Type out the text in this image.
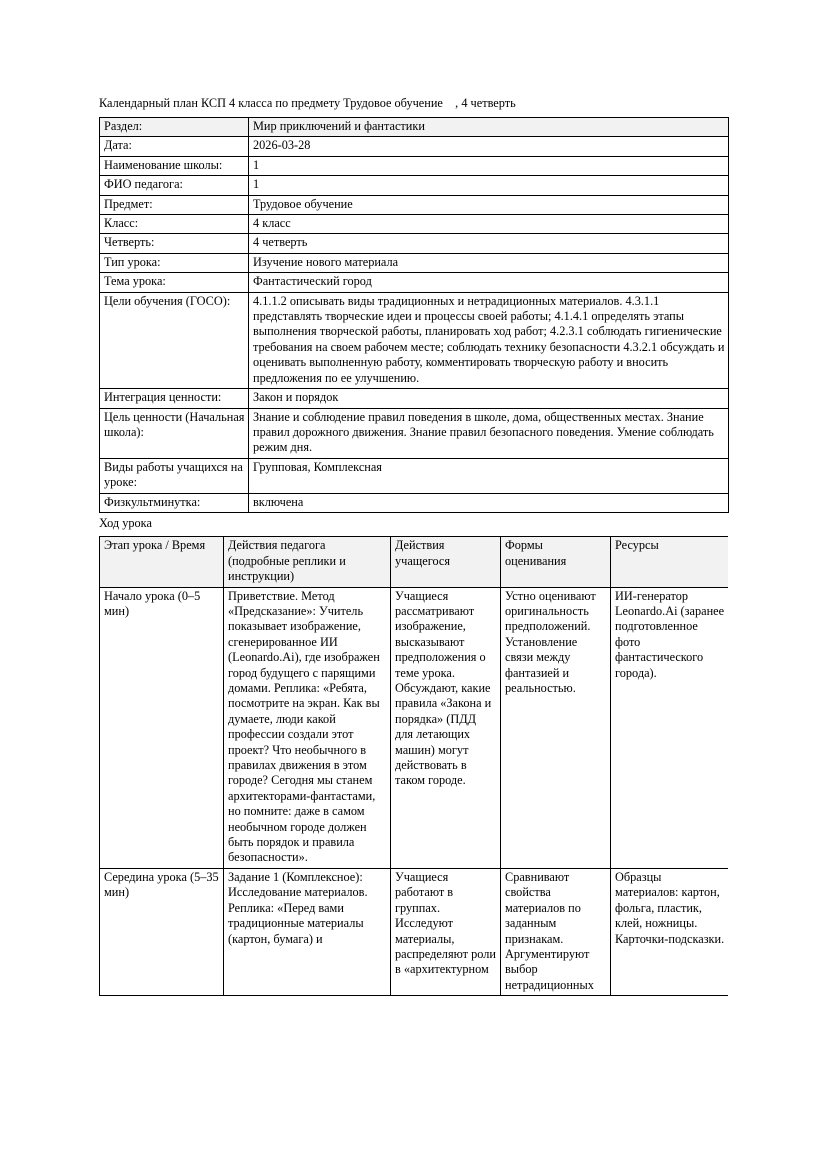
Календарный план КСП 4 класса по предмету Трудовое обучение    , 4 четверть
Раздел:	Мир приключений и фантастики
Дата:	2026-03-28
Наименование школы:	1
ФИО педагога:	1
Предмет:	Трудовое обучение
Класс:	4 класс
Четверть:	4 четверть
Тип урока:	Изучение нового материала
Тема урока:	Фантастический город
Цели обучения (ГОСО):	4.1.1.2 описывать виды традиционных и нетрадиционных материалов. 4.3.1.1 представлять творческие идеи и процессы своей работы; 4.1.4.1 определять этапы выполнения творческой работы, планировать ход работ; 4.2.3.1 соблюдать гигиенические требования на своем рабочем месте; соблюдать технику безопасности 4.3.2.1 обсуждать и оценивать выполненную работу, комментировать творческую работу и вносить предложения по ее улучшению.
Интеграция ценности:	Закон и порядок
Цель ценности (Начальная школа):	Знание и соблюдение правил поведения в школе, дома, общественных местах. Знание правил дорожного движения. Знание правил безопасного поведения. Умение соблюдать режим дня.
Виды работы учащихся на уроке:	Групповая, Комплексная
Физкультминутка:	включена
Ход урока
Этап урока / Время	Действия педагога (подробные реплики и инструкции)	Действия учащегося	Формы оценивания	Ресурсы
Начало урока (0–5 мин)	Приветствие. Метод «Предсказание»: Учитель показывает изображение, сгенерированное ИИ (Leonardo.Ai), где изображен город будущего с парящими домами. Реплика: «Ребята, посмотрите на экран. Как вы думаете, люди какой профессии создали этот проект? Что необычного в правилах движения в этом городе? Сегодня мы станем архитекторами-фантастами, но помните: даже в самом необычном городе должен быть порядок и правила безопасности».	Учащиеся рассматривают изображение, высказывают предположения о теме урока. Обсуждают, какие правила «Закона и порядка» (ПДД для летающих машин) могут действовать в таком городе.	Устно оценивают оригинальность предположений. Установление связи между фантазией и реальностью.	ИИ-генератор Leonardo.Ai (заранее подготовленное фото фантастического города).
Середина урока (5–35 мин)	Задание 1 (Комплексное): Исследование материалов. Реплика: «Перед вами традиционные материалы (картон, бумага) и	Учащиеся работают в группах. Исследуют материалы, распределяют роли в «архитектурном	Сравнивают свойства материалов по заданным признакам. Аргументируют выбор нетрадиционных	Образцы материалов: картон, фольга, пластик, клей, ножницы. Карточки-подсказки.
